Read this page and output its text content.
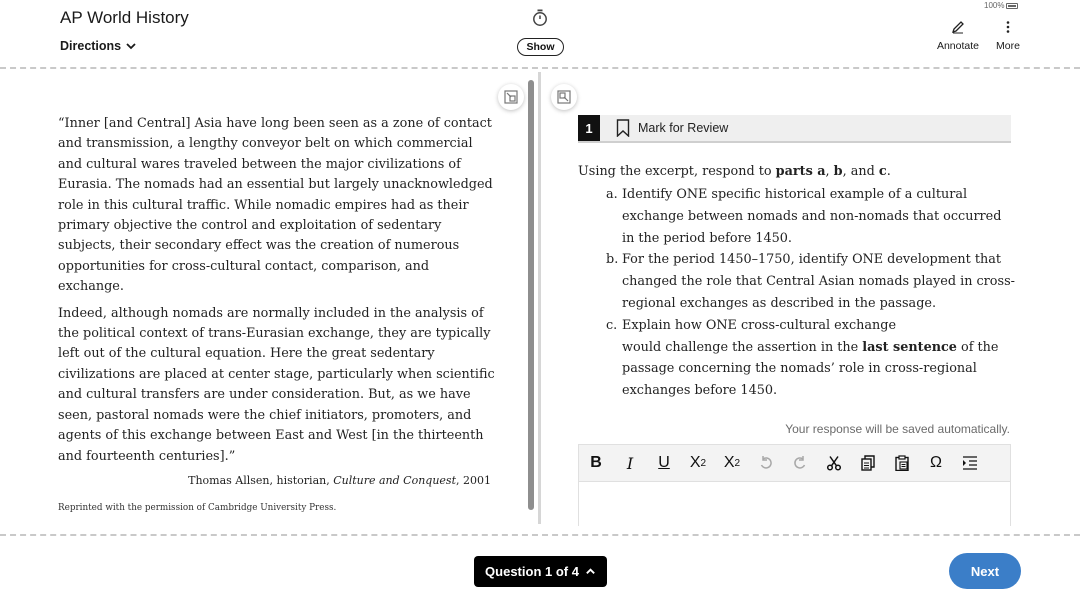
AP World History
Directions	Show
100%
Annotate More

“Inner [and Central] Asia have long been seen as a zone of contact and transmission, a lengthy conveyor belt on which commercial and cultural wares traveled between the major civilizations of Eurasia. The nomads had an essential but largely unacknowledged role in this cultural traffic. While nomadic empires had as their primary objective the control and exploitation of sedentary subjects, their secondary effect was the creation of numerous opportunities for cross-cultural contact, comparison, and exchange.

Indeed, although nomads are normally included in the analysis of the political context of trans-Eurasian exchange, they are typically left out of the cultural equation. Here the great sedentary civilizations are placed at center stage, particularly when scientific and cultural transfers are under consideration. But, as we have seen, pastoral nomads were the chief initiators, promoters, and agents of this exchange between East and West [in the thirteenth and fourteenth centuries].”

Thomas Allsen, historian, Culture and Conquest, 2001
Reprinted with the permission of Cambridge University Press.
1	Mark for Review
Using the excerpt, respond to parts a, b, and c.
a. Identify ONE specific historical example of a cultural exchange between nomads and non-nomads that occurred in the period before 1450.
b. For the period 1450–1750, identify ONE development that changed the role that Central Asian nomads played in cross-regional exchanges as described in the passage.
c. Explain how ONE cross-cultural exchange
would challenge the assertion in the last sentence of the passage concerning the nomads’ role in cross-regional exchanges before 1450.
Your response will be saved automatically.
B	I	U	X 2 X 2	Ω
Question 1 of 4	Next
